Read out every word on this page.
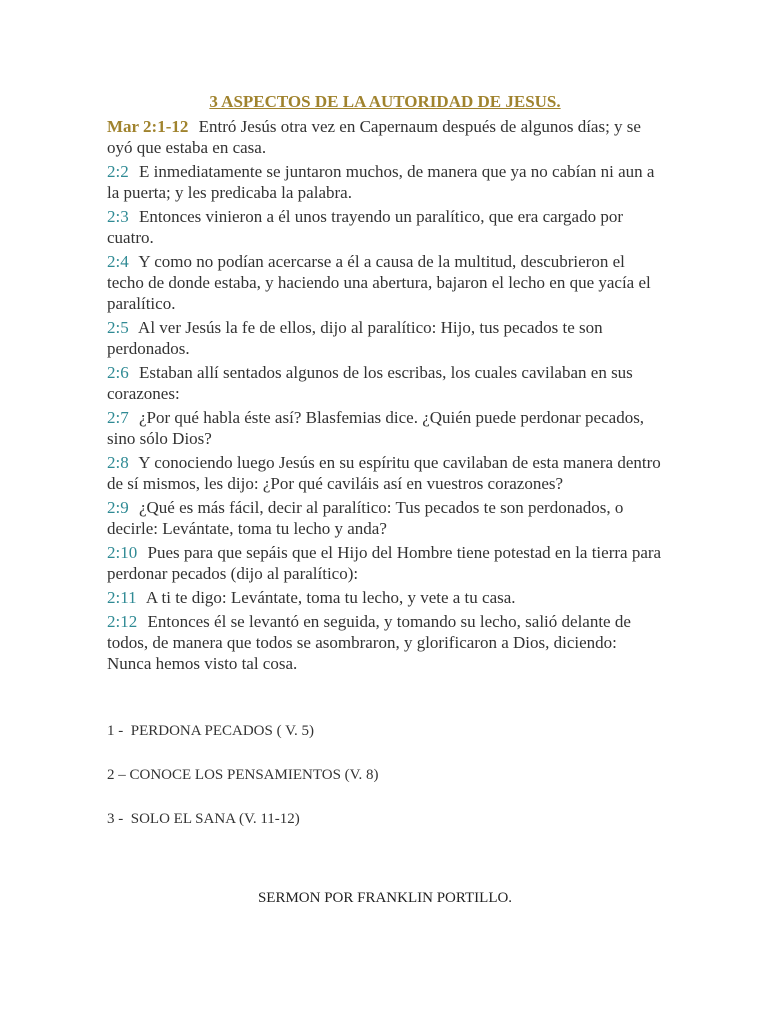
3 ASPECTOS DE LA AUTORIDAD DE JESUS.
Mar 2:1-12 Entró Jesús otra vez en Capernaum después de algunos días; y se oyó que estaba en casa.
2:2 E inmediatamente se juntaron muchos, de manera que ya no cabían ni aun a la puerta; y les predicaba la palabra.
2:3 Entonces vinieron a él unos trayendo un paralítico, que era cargado por cuatro.
2:4 Y como no podían acercarse a él a causa de la multitud, descubrieron el techo de donde estaba, y haciendo una abertura, bajaron el lecho en que yacía el paralítico.
2:5 Al ver Jesús la fe de ellos, dijo al paralítico: Hijo, tus pecados te son perdonados.
2:6 Estaban allí sentados algunos de los escribas, los cuales cavilaban en sus corazones:
2:7 ¿Por qué habla éste así? Blasfemias dice. ¿Quién puede perdonar pecados, sino sólo Dios?
2:8 Y conociendo luego Jesús en su espíritu que cavilaban de esta manera dentro de sí mismos, les dijo: ¿Por qué caviláis así en vuestros corazones?
2:9 ¿Qué es más fácil, decir al paralítico: Tus pecados te son perdonados, o decirle: Levántate, toma tu lecho y anda?
2:10 Pues para que sepáis que el Hijo del Hombre tiene potestad en la tierra para perdonar pecados (dijo al paralítico):
2:11 A ti te digo: Levántate, toma tu lecho, y vete a tu casa.
2:12 Entonces él se levantó en seguida, y tomando su lecho, salió delante de todos, de manera que todos se asombraron, y glorificaron a Dios, diciendo: Nunca hemos visto tal cosa.
1 -  PERDONA PECADOS ( V. 5)
2 – CONOCE LOS PENSAMIENTOS (V. 8)
3 -  SOLO EL SANA (V. 11-12)
SERMON POR FRANKLIN PORTILLO.
